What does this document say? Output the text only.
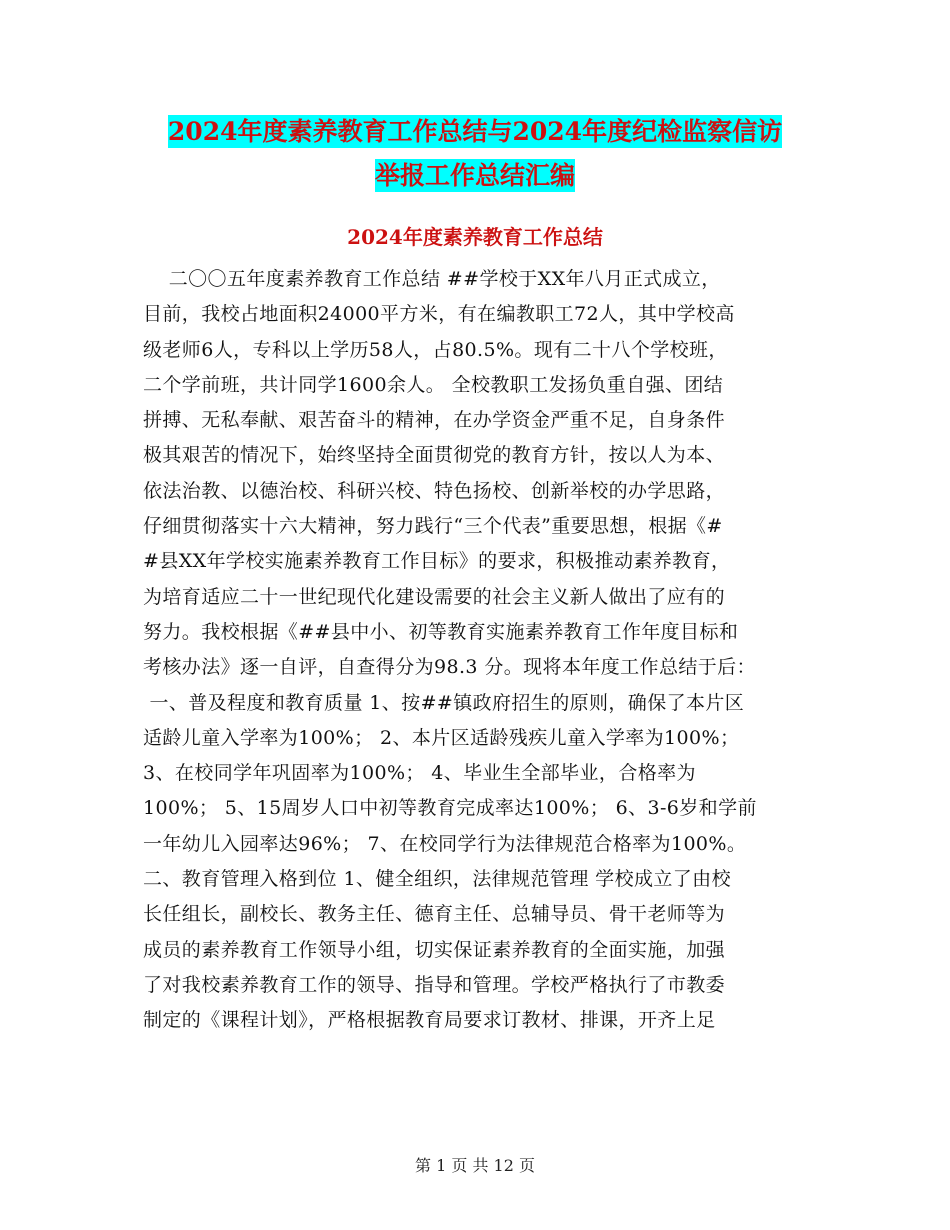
2024年度素养教育工作总结与2024年度纪检监察信访
举报工作总结汇编
2024年度素养教育工作总结
二〇〇五年度素养教育工作总结 ##学校于XX年八月正式成立，
目前，我校占地面积24000平方米，有在编教职工72人，其中学校高
级老师6人，专科以上学历58人，占80.5%。现有二十八个学校班，
二个学前班，共计同学1600余人。 全校教职工发扬负重自强、团结
拼搏、无私奉献、艰苦奋斗的精神，在办学资金严重不足，自身条件
极其艰苦的情况下，始终坚持全面贯彻党的教育方针，按以人为本、
依法治教、以德治校、科研兴校、特色扬校、创新举校的办学思路，
仔细贯彻落实十六大精神，努力践行“三个代表”重要思想，根据《#
#县XX年学校实施素养教育工作目标》的要求，积极推动素养教育，
为培育适应二十一世纪现代化建设需要的社会主义新人做出了应有的
努力。我校根据《##县中小、初等教育实施素养教育工作年度目标和
考核办法》逐一自评，自查得分为98.3 分。现将本年度工作总结于后：
一、普及程度和教育质量 1、按##镇政府招生的原则，确保了本片区
适龄儿童入学率为100%； 2、本片区适龄残疾儿童入学率为100%；
3、在校同学年巩固率为100%； 4、毕业生全部毕业，合格率为
100%； 5、15周岁人口中初等教育完成率达100%； 6、3-6岁和学前
一年幼儿入园率达96%； 7、在校同学行为法律规范合格率为100%。
二、教育管理入格到位 1、健全组织，法律规范管理 学校成立了由校
长任组长，副校长、教务主任、德育主任、总辅导员、骨干老师等为
成员的素养教育工作领导小组，切实保证素养教育的全面实施，加强
了对我校素养教育工作的领导、指导和管理。学校严格执行了市教委
制定的《课程计划》，严格根据教育局要求订教材、排课，开齐上足
第 1 页 共 12 页
